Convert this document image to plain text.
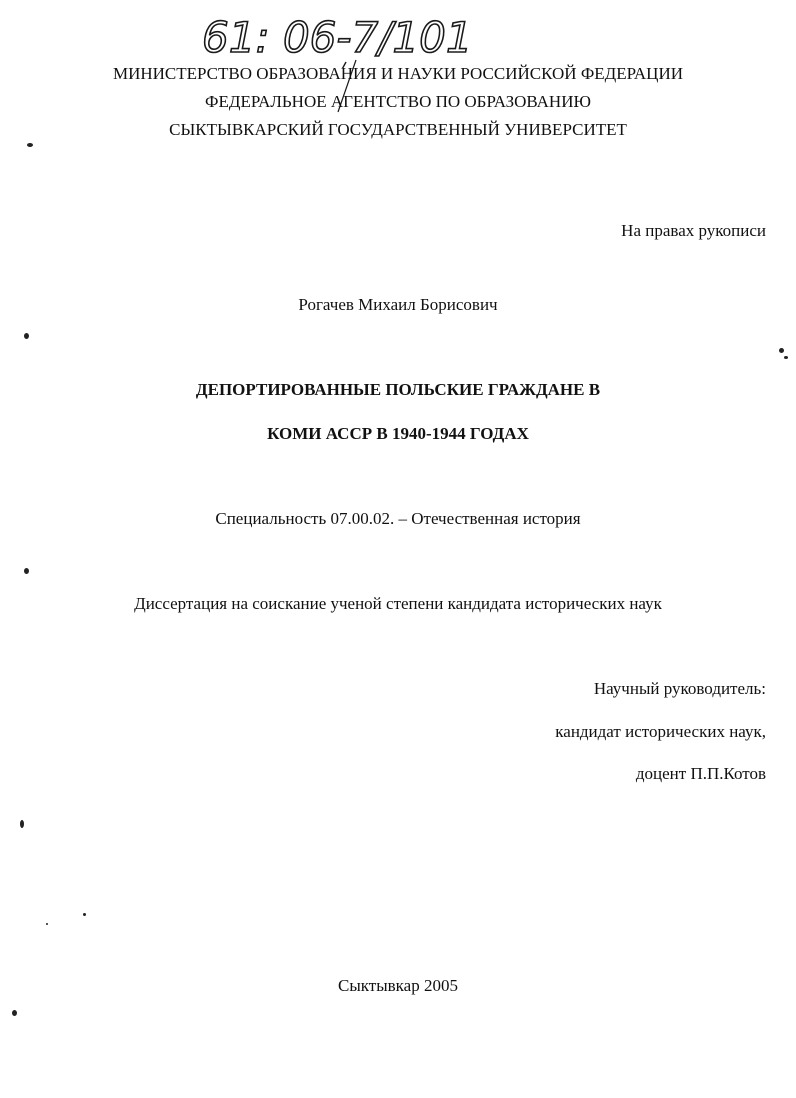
61: 06-7/101
МИНИСТЕРСТВО ОБРАЗОВАНИЯ И НАУКИ РОССИЙСКОЙ ФЕДЕРАЦИИ
ФЕДЕРАЛЬНОЕ АГЕНТСТВО ПО ОБРАЗОВАНИЮ
СЫКТЫВКАРСКИЙ ГОСУДАРСТВЕННЫЙ УНИВЕРСИТЕТ
На правах рукописи
Рогачев Михаил Борисович
ДЕПОРТИРОВАННЫЕ ПОЛЬСКИЕ ГРАЖДАНЕ В
КОМИ АССР В 1940-1944 ГОДАХ
Специальность 07.00.02. – Отечественная история
Диссертация на соискание ученой степени кандидата исторических наук
Научный руководитель:
кандидат исторических наук,
доцент П.П.Котов
Сыктывкар 2005
